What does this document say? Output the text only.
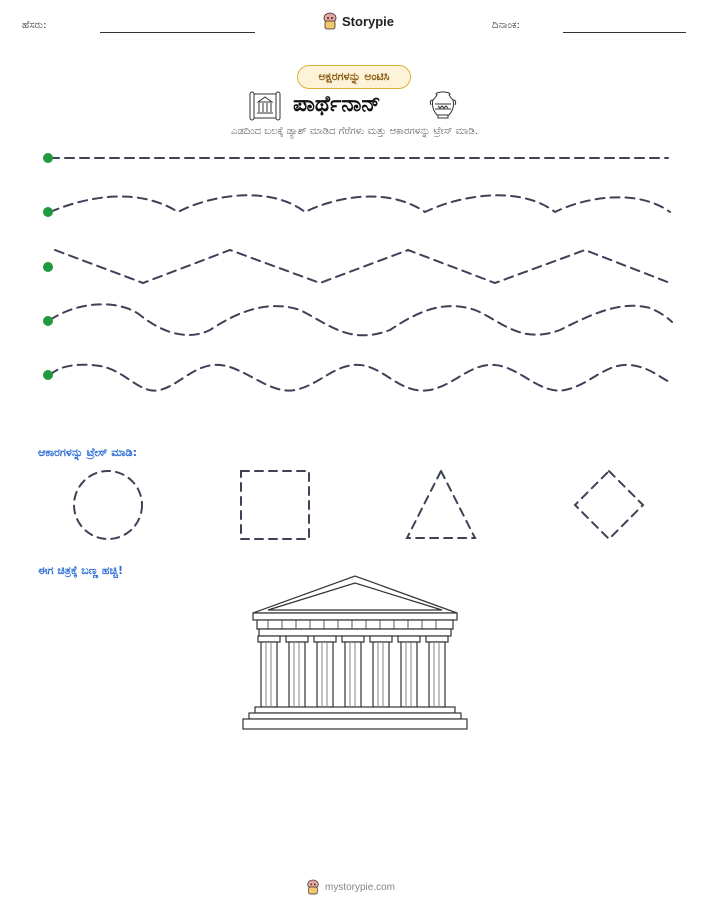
ಹೆಸರು:	Storypie	ದಿನಾಂಕ:
ಅಕ್ಷರಗಳನ್ನು ಅಂಟಿಸಿ
ಪಾರ್ಥೆನಾನ್
ಎಡದಿಂದ ಬಲಕ್ಕೆ ಡ್ಯಾಶ್ ಮಾಡಿದ ಗೆರೆಗಳು ಮತ್ತು ಆಕಾರಗಳನ್ನು ಟ್ರೇಸ್ ಮಾಡಿ.
ಆಕಾರಗಳನ್ನು ಟ್ರೇಸ್ ಮಾಡಿ:
ಈಗ ಚಿತ್ರಕ್ಕೆ ಬಣ್ಣ ಹಚ್ಚಿ!
mystorypie.com
